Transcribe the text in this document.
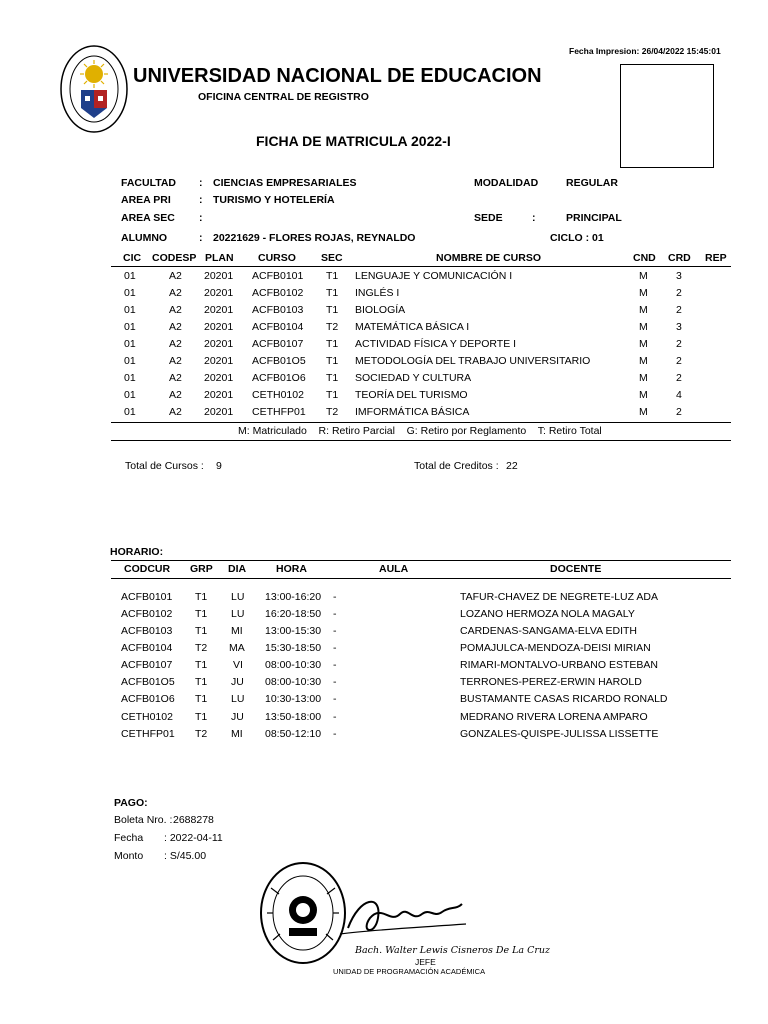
Fecha Impresion: 26/04/2022 15:45:01
UNIVERSIDAD NACIONAL DE EDUCACION
OFICINA CENTRAL DE REGISTRO
FICHA DE MATRICULA 2022-I
FACULTAD : CIENCIAS EMPRESARIALES
AREA PRI	: TURISMO Y HOTELERÍA
AREA SEC :
ALUMNO	: 20221629 - FLORES ROJAS, REYNALDO
MODALIDAD	REGULAR
SEDE	:	PRINCIPAL
CICLO : 01
CIC CODESP PLAN CURSO SEC	NOMBRE DE CURSO	CND CRD REP
01	A2 20201 ACFB0101 T1 LENGUAJE Y COMUNICACIÓN I	M	3
01	A2 20201 ACFB0102 T1 INGLÉS I	M	2
01	A2 20201 ACFB0103 T1 BIOLOGÍA	M	2
01	A2 20201 ACFB0104 T2 MATEMÁTICA BÁSICA I	M	3
01	A2 20201 ACFB0107 T1 ACTIVIDAD FÍSICA Y DEPORTE I	M	2
01	A2 20201 ACFB01O5 T1 METODOLOGÍA DEL TRABAJO UNIVERSITARIO	M	2
01	A2 20201 ACFB01O6 T1 SOCIEDAD Y CULTURA	M	2
01	A2 20201 CETH0102 T1 TEORÍA DEL TURISMO	M	4
01	A2 20201 CETHFP01 T2 IMFORMÁTICA BÁSICA	M	2
M: Matriculado    R: Retiro Parcial    G: Retiro por Reglamento    T: Retiro Total
Total de Cursos : 9	Total de Creditos : 22
HORARIO:
CODCUR GRP DIA	HORA	AULA	DOCENTE
ACFB0101 T1 LU 13:00-16:20 -	TAFUR-CHAVEZ DE NEGRETE-LUZ ADA
ACFB0102 T1 LU 16:20-18:50 -	LOZANO HERMOZA NOLA MAGALY
ACFB0103 T1 MI 13:00-15:30 -	CARDENAS-SANGAMA-ELVA EDITH
ACFB0104 T2 MA 15:30-18:50 -	POMAJULCA-MENDOZA-DEISI MIRIAN
ACFB0107 T1 VI 08:00-10:30 -	RIMARI-MONTALVO-URBANO ESTEBAN
ACFB01O5 T1 JU 08:00-10:30 -	TERRONES-PEREZ-ERWIN HAROLD
ACFB01O6 T1 LU 10:30-13:00 -	BUSTAMANTE CASAS RICARDO RONALD
CETH0102 T1 JU 13:50-18:00 -	MEDRANO RIVERA LORENA AMPARO
CETHFP01 T2 MI 08:50-12:10 -	GONZALES-QUISPE-JULISSA LISSETTE
PAGO:
Boleta Nro. : 2688278
Fecha : 2022-04-11
Monto : S/45.00
Bach. Walter Lewis Cisneros De La Cruz
JEFE
UNIDAD DE PROGRAMACIÓN ACADÉMICA
